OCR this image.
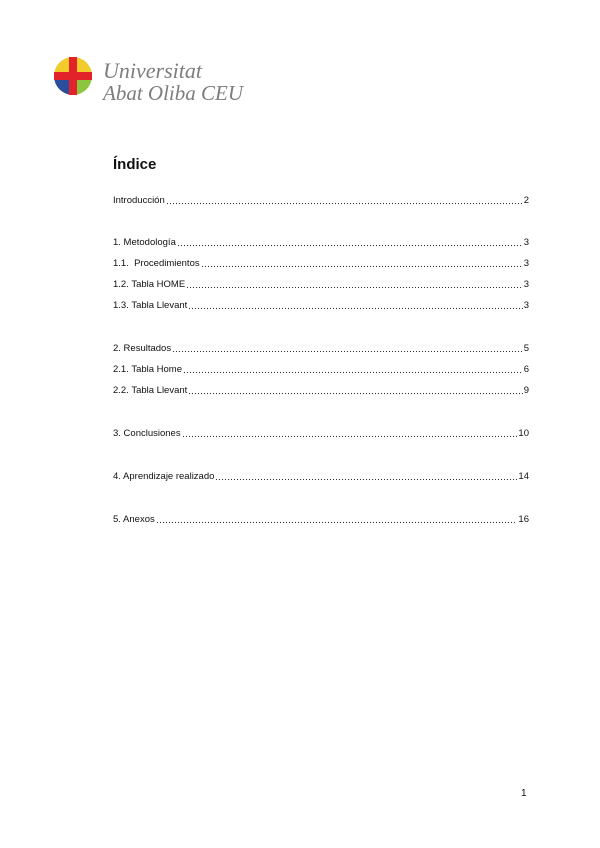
Universitat
Abat Oliba CEU
Índice
Introducción	2
1. Metodología	3
1.1.  Procedimientos	3
1.2. Tabla HOME	3
1.3. Tabla Llevant	3
2. Resultados	5
2.1. Tabla Home	6
2.2. Tabla Llevant	9
3. Conclusiones	10
4. Aprendizaje realizado	14
5. Anexos	16
1
